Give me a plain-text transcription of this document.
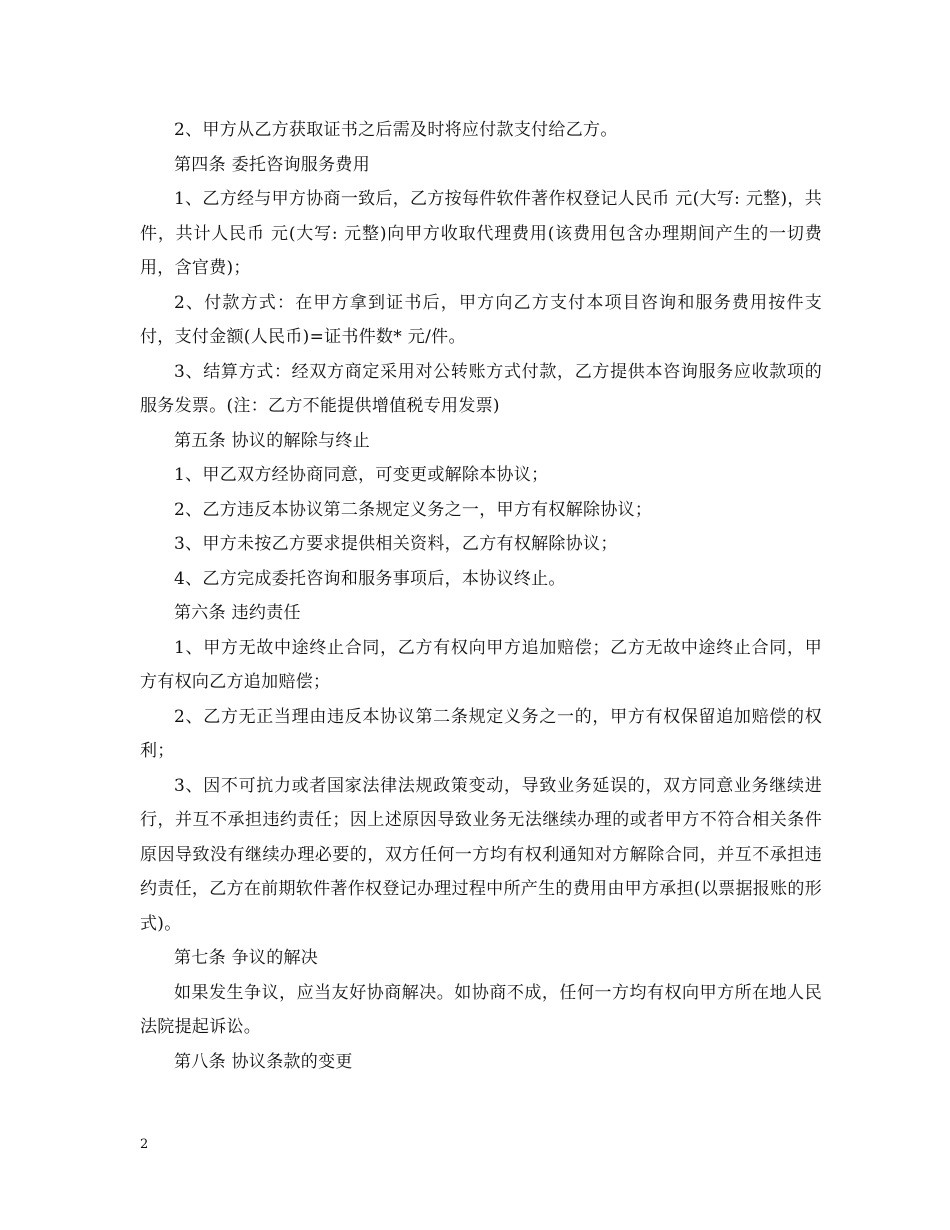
2、甲方从乙方获取证书之后需及时将应付款支付给乙方。

第四条 委托咨询服务费用

1、乙方经与甲方协商一致后，乙方按每件软件著作权登记人民币 元(大写: 元整)，共 件，共计人民币 元(大写: 元整)向甲方收取代理费用(该费用包含办理期间产生的一切费用，含官费)；

2、付款方式：在甲方拿到证书后，甲方向乙方支付本项目咨询和服务费用按件支付，支付金额(人民币)=证书件数* 元/件。

3、结算方式：经双方商定采用对公转账方式付款，乙方提供本咨询服务应收款项的服务发票。(注：乙方不能提供增值税专用发票)

第五条 协议的解除与终止

1、甲乙双方经协商同意，可变更或解除本协议；

2、乙方违反本协议第二条规定义务之一，甲方有权解除协议；

3、甲方未按乙方要求提供相关资料，乙方有权解除协议；

4、乙方完成委托咨询和服务事项后，本协议终止。

第六条 违约责任

1、甲方无故中途终止合同，乙方有权向甲方追加赔偿；乙方无故中途终止合同，甲方有权向乙方追加赔偿；

2、乙方无正当理由违反本协议第二条规定义务之一的，甲方有权保留追加赔偿的权利；

3、因不可抗力或者国家法律法规政策变动，导致业务延误的，双方同意业务继续进行，并互不承担违约责任；因上述原因导致业务无法继续办理的或者甲方不符合相关条件原因导致没有继续办理必要的，双方任何一方均有权利通知对方解除合同，并互不承担违约责任，乙方在前期软件著作权登记办理过程中所产生的费用由甲方承担(以票据报账的形式)。

第七条 争议的解决

如果发生争议，应当友好协商解决。如协商不成，任何一方均有权向甲方所在地人民法院提起诉讼。

第八条 协议条款的变更

2
